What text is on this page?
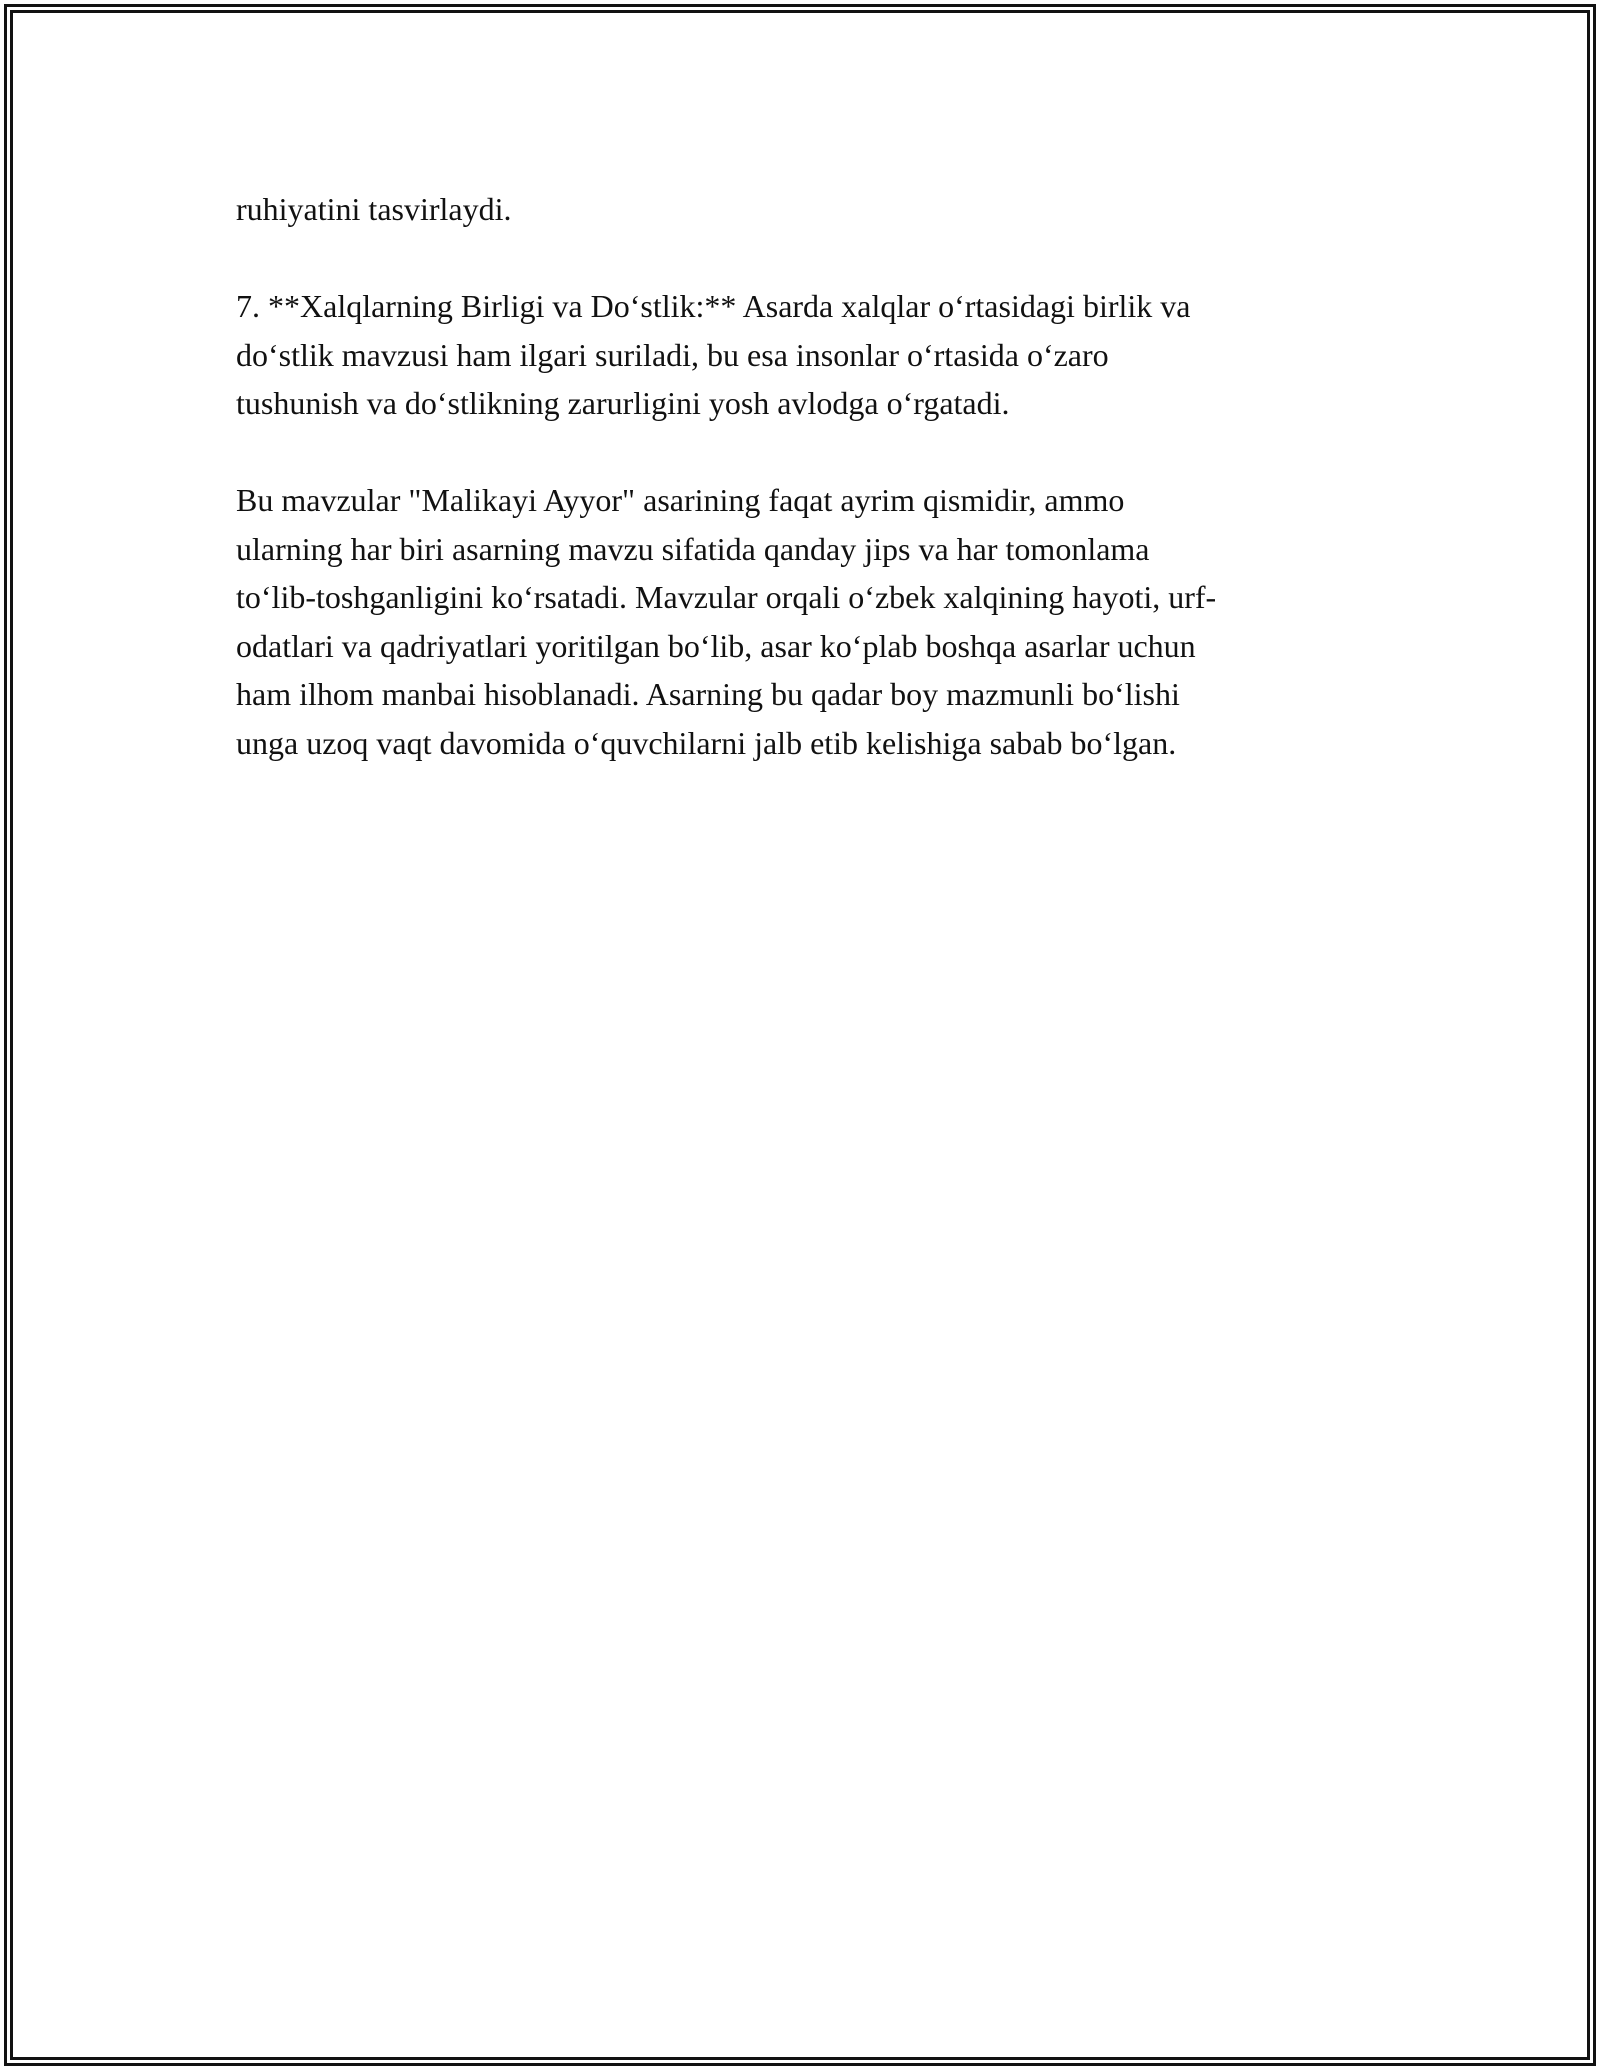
ruhiyatini tasvirlaydi.

7. **Xalqlarning Birligi va Do‘stlik:** Asarda xalqlar o‘rtasidagi birlik va
do‘stlik mavzusi ham ilgari suriladi, bu esa insonlar o‘rtasida o‘zaro
tushunish va do‘stlikning zarurligini yosh avlodga o‘rgatadi.

Bu mavzular "Malikayi Ayyor" asarining faqat ayrim qismidir, ammo
ularning har biri asarning mavzu sifatida qanday jips va har tomonlama
to‘lib-toshganligini ko‘rsatadi. Mavzular orqali o‘zbek xalqining hayoti, urf-
odatlari va qadriyatlari yoritilgan bo‘lib, asar ko‘plab boshqa asarlar uchun
ham ilhom manbai hisoblanadi. Asarning bu qadar boy mazmunli bo‘lishi
unga uzoq vaqt davomida o‘quvchilarni jalb etib kelishiga sabab bo‘lgan.
